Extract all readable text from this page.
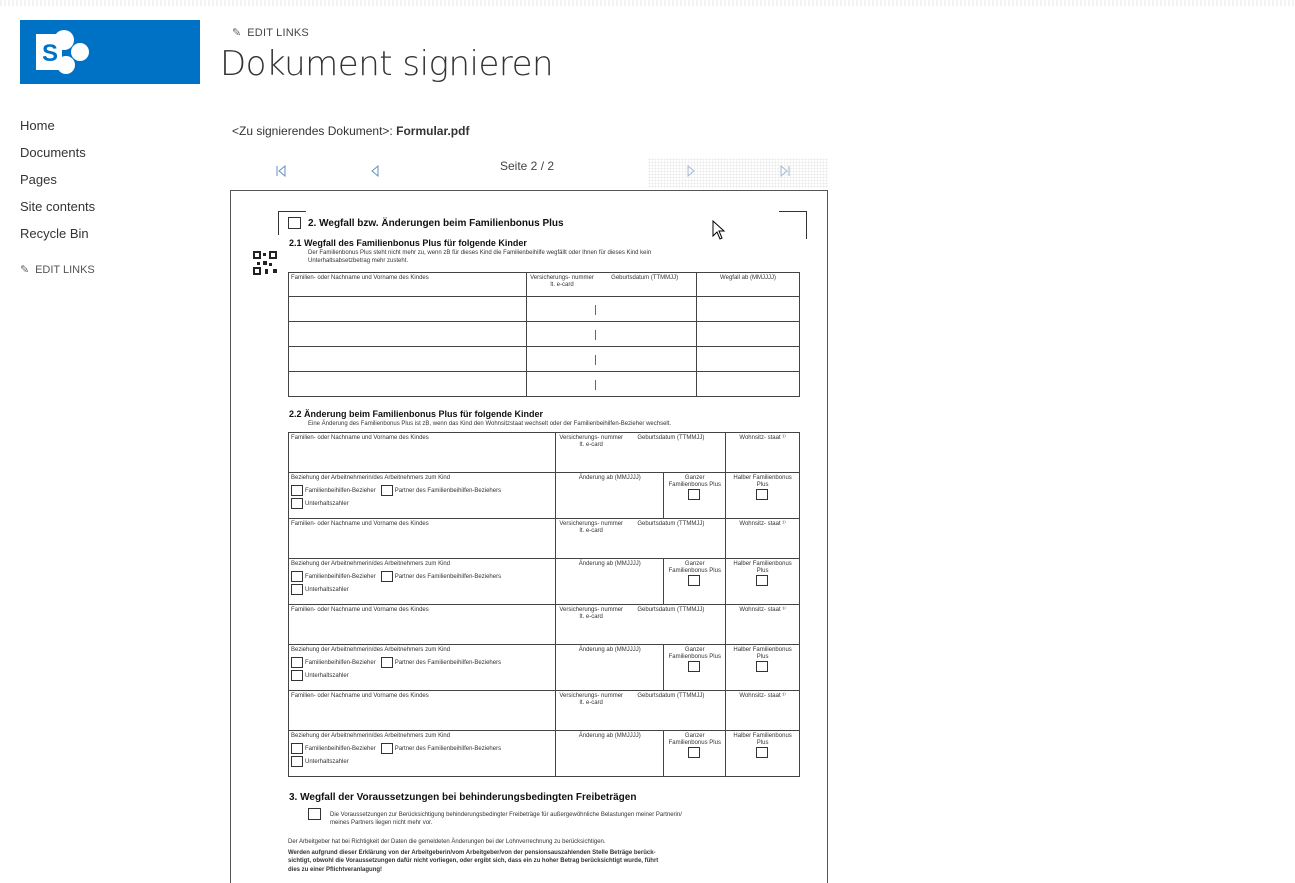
S
✎ EDIT LINKS
Dokument signieren
Home
Documents
Pages
Site contents
Recycle Bin
✎ EDIT LINKS
<Zu signierendes Dokument>: Formular.pdf
Seite 2 / 2
2. Wegfall bzw. Änderungen beim Familienbonus Plus
2.1 Wegfall des Familienbonus Plus für folgende Kinder
Der Familienbonus Plus steht nicht mehr zu, wenn zB für dieses Kind die Familienbeihilfe wegfällt oder Ihnen für dieses Kind kein
Unterhaltsabsetzbetrag mehr zusteht.
Familien- oder Nachname und Vorname des Kindes	Versicherungs- nummer lt. e-card Geburtsdatum (TTMMJJ)	Wegfall ab (MMJJJJ)

2.2 Änderung beim Familienbonus Plus für folgende Kinder
Eine Änderung des Familienbonus Plus ist zB, wenn das Kind den Wohnsitzstaat wechselt oder der Familienbeihilfen-Bezieher wechselt.
Familien- oder Nachname und Vorname des Kindes	Versicherungs- nummer lt. e-card Geburtsdatum (TTMMJJ)		Wohnsitz- staat ¹⁾

Beziehung der Arbeitnehmerin/des Arbeitnehmers zum Kind
Familienbeihilfen-Bezieher Partner des Familienbeihilfen-Beziehers
Unterhaltszahler	Änderung ab (MMJJJJ)	Ganzer Familienbonus Plus	Halber Familienbonus Plus

Familien- oder Nachname und Vorname des Kindes	Versicherungs- nummer lt. e-card Geburtsdatum (TTMMJJ)		Wohnsitz- staat ¹⁾

Beziehung der Arbeitnehmerin/des Arbeitnehmers zum Kind
Familienbeihilfen-Bezieher Partner des Familienbeihilfen-Beziehers
Unterhaltszahler	Änderung ab (MMJJJJ)	Ganzer Familienbonus Plus	Halber Familienbonus Plus

Familien- oder Nachname und Vorname des Kindes	Versicherungs- nummer lt. e-card Geburtsdatum (TTMMJJ)		Wohnsitz- staat ¹⁾

Beziehung der Arbeitnehmerin/des Arbeitnehmers zum Kind
Familienbeihilfen-Bezieher Partner des Familienbeihilfen-Beziehers
Unterhaltszahler	Änderung ab (MMJJJJ)	Ganzer Familienbonus Plus	Halber Familienbonus Plus

Familien- oder Nachname und Vorname des Kindes	Versicherungs- nummer lt. e-card Geburtsdatum (TTMMJJ)		Wohnsitz- staat ¹⁾

Beziehung der Arbeitnehmerin/des Arbeitnehmers zum Kind
Familienbeihilfen-Bezieher Partner des Familienbeihilfen-Beziehers
Unterhaltszahler	Änderung ab (MMJJJJ)	Ganzer Familienbonus Plus	Halber Familienbonus Plus

3. Wegfall der Voraussetzungen bei behinderungsbedingten Freibeträgen
Die Voraussetzungen zur Berücksichtigung behinderungsbedingter Freibeträge für außergewöhnliche Belastungen meiner Partnerin/
meines Partners liegen nicht mehr vor.
Der Arbeitgeber hat bei Richtigkeit der Daten die gemeldeten Änderungen bei der Lohnverrechnung zu berücksichtigen.
Werden aufgrund dieser Erklärung von der Arbeitgeberin/vom Arbeitgeber/von der pensionsauszahlenden Stelle Beträge berück-
sichtigt, obwohl die Voraussetzungen dafür nicht vorliegen, oder ergibt sich, dass ein zu hoher Betrag berücksichtigt wurde, führt
dies zu einer Pflichtveranlagung!
